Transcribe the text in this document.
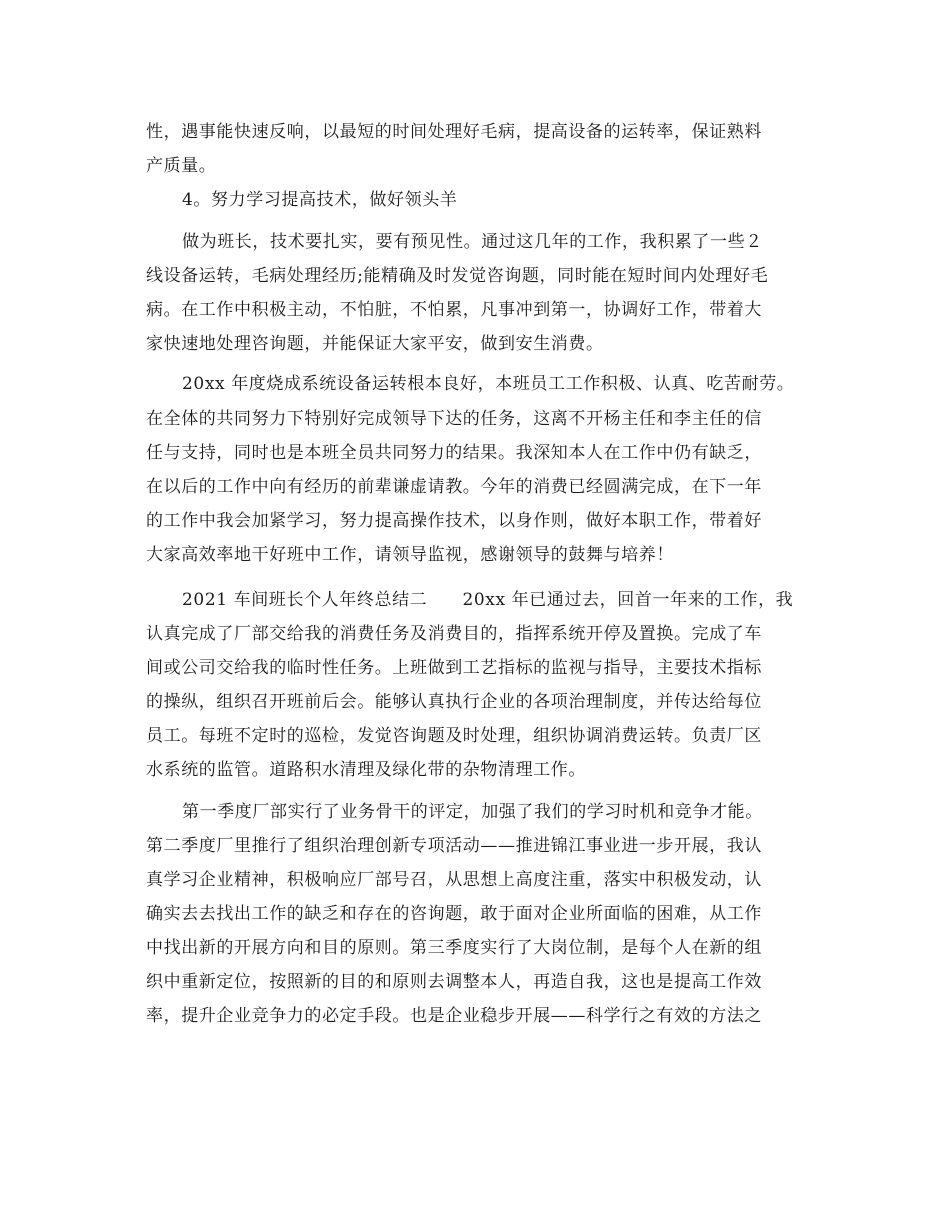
性，遇事能快速反响，以最短的时间处理好毛病，提高设备的运转率，保证熟料
产质量。
4。努力学习提高技术，做好领头羊
做为班长，技术要扎实，要有预见性。通过这几年的工作，我积累了一些２
线设备运转，毛病处理经历;能精确及时发觉咨询题，同时能在短时间内处理好毛
病。在工作中积极主动，不怕脏，不怕累，凡事冲到第一，协调好工作，带着大
家快速地处理咨询题，并能保证大家平安，做到安生消费。
20xx 年度烧成系统设备运转根本良好，本班员工工作积极、认真、吃苦耐劳。
在全体的共同努力下特别好完成领导下达的任务，这离不开杨主任和李主任的信
任与支持，同时也是本班全员共同努力的结果。我深知本人在工作中仍有缺乏，
在以后的工作中向有经历的前辈谦虚请教。今年的消费已经圆满完成，在下一年
的工作中我会加紧学习，努力提高操作技术，以身作则，做好本职工作，带着好
大家高效率地干好班中工作，请领导监视，感谢领导的鼓舞与培养！
2021 车间班长个人年终总结二　　20xx 年已通过去，回首一年来的工作，我
认真完成了厂部交给我的消费任务及消费目的，指挥系统开停及置换。完成了车
间或公司交给我的临时性任务。上班做到工艺指标的监视与指导，主要技术指标
的操纵，组织召开班前后会。能够认真执行企业的各项治理制度，并传达给每位
员工。每班不定时的巡检，发觉咨询题及时处理，组织协调消费运转。负责厂区
水系统的监管。道路积水清理及绿化带的杂物清理工作。
第一季度厂部实行了业务骨干的评定，加强了我们的学习时机和竞争才能。
第二季度厂里推行了组织治理创新专项活动——推进锦江事业进一步开展，我认
真学习企业精神，积极响应厂部号召，从思想上高度注重，落实中积极发动，认
确实去去找出工作的缺乏和存在的咨询题，敢于面对企业所面临的困难，从工作
中找出新的开展方向和目的原则。第三季度实行了大岗位制，是每个人在新的组
织中重新定位，按照新的目的和原则去调整本人，再造自我，这也是提高工作效
率，提升企业竞争力的必定手段。也是企业稳步开展——科学行之有效的方法之
